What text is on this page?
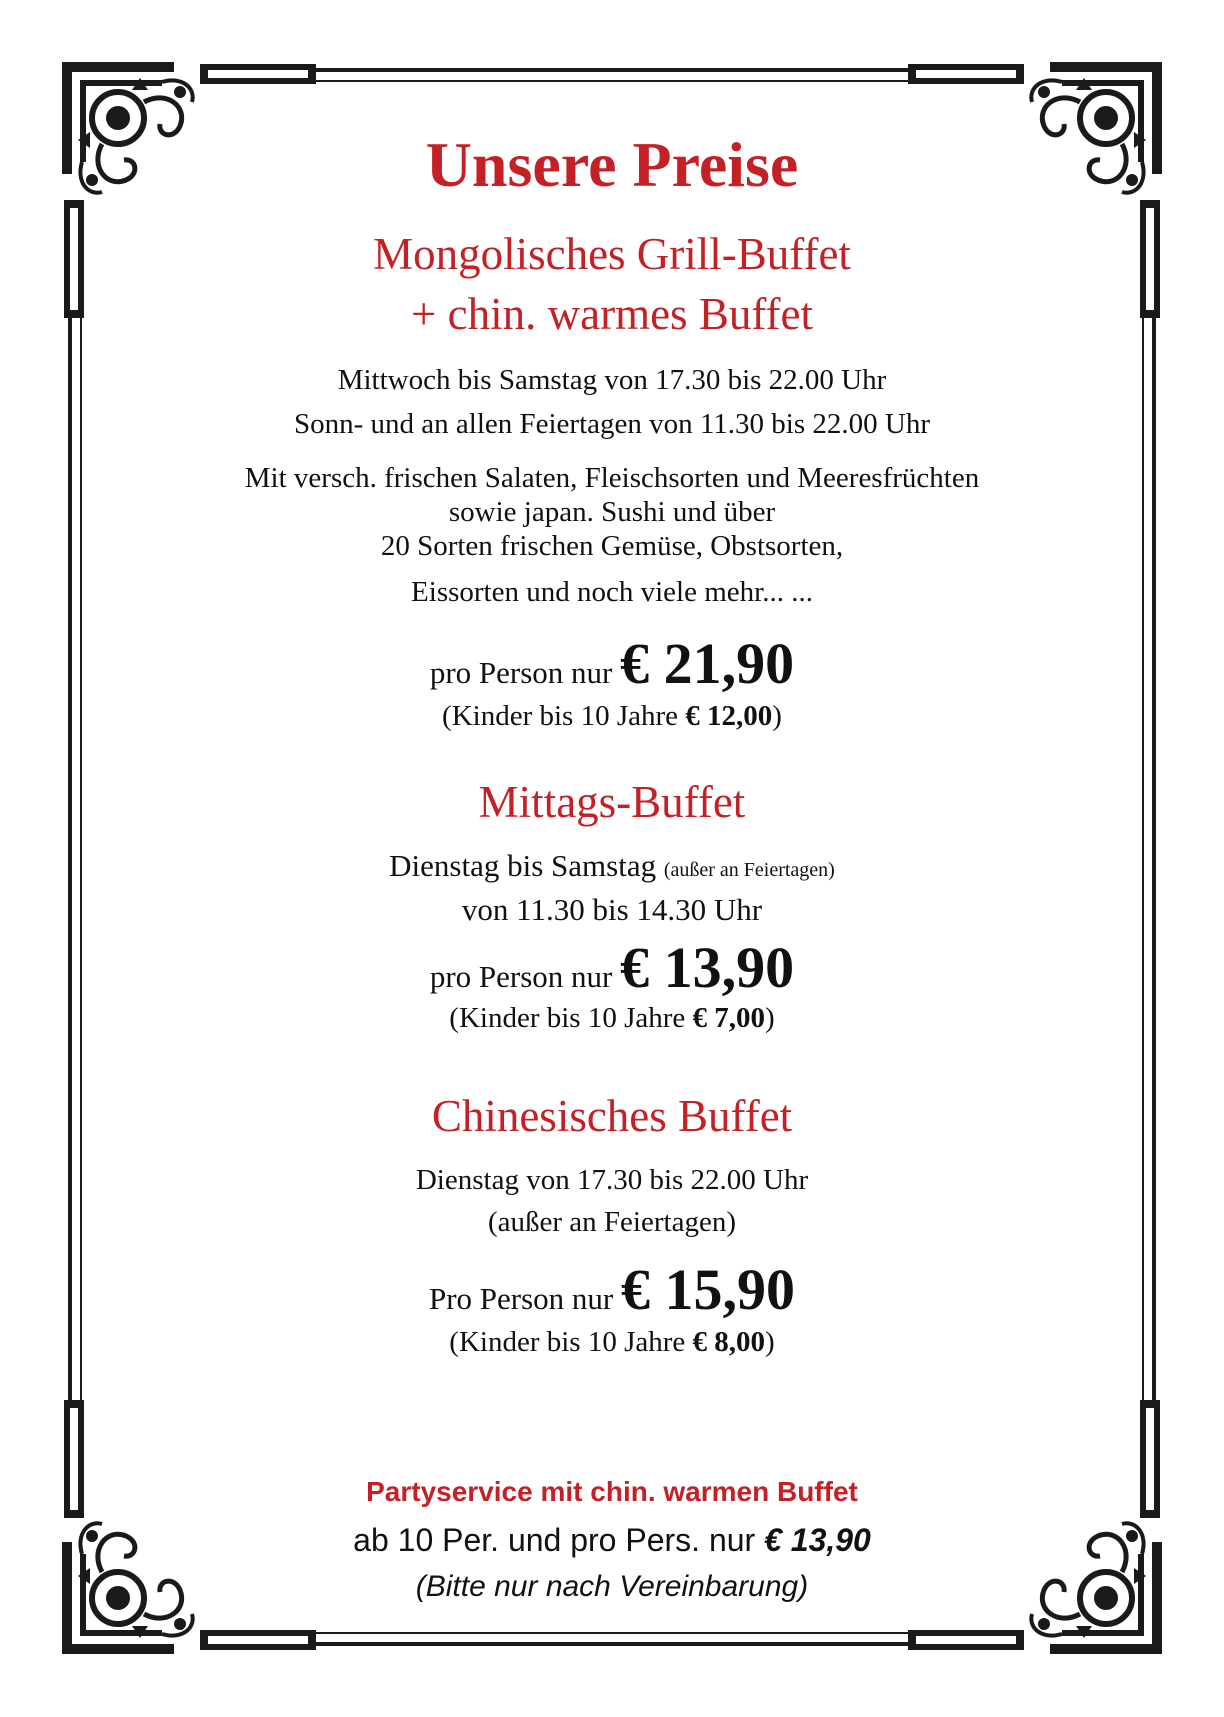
Unsere Preise
Mongolisches Grill-Buffet
+ chin. warmes Buffet
Mittwoch bis Samstag von 17.30 bis 22.00 Uhr
Sonn- und an allen Feiertagen von 11.30 bis 22.00 Uhr
Mit versch. frischen Salaten, Fleischsorten und Meeresfrüchten
sowie japan. Sushi und über
20 Sorten frischen Gemüse, Obstsorten,
Eissorten und noch viele mehr... ...
pro Person nur € 21,90
(Kinder bis 10 Jahre € 12,00)
Mittags-Buffet
Dienstag bis Samstag (außer an Feiertagen)
von 11.30 bis 14.30 Uhr
pro Person nur € 13,90
(Kinder bis 10 Jahre € 7,00)
Chinesisches Buffet
Dienstag von 17.30 bis 22.00 Uhr
(außer an Feiertagen)
Pro Person nur € 15,90
(Kinder bis 10 Jahre € 8,00)
Partyservice mit chin. warmen Buffet
ab 10 Per. und pro Pers. nur € 13,90
(Bitte nur nach Vereinbarung)
